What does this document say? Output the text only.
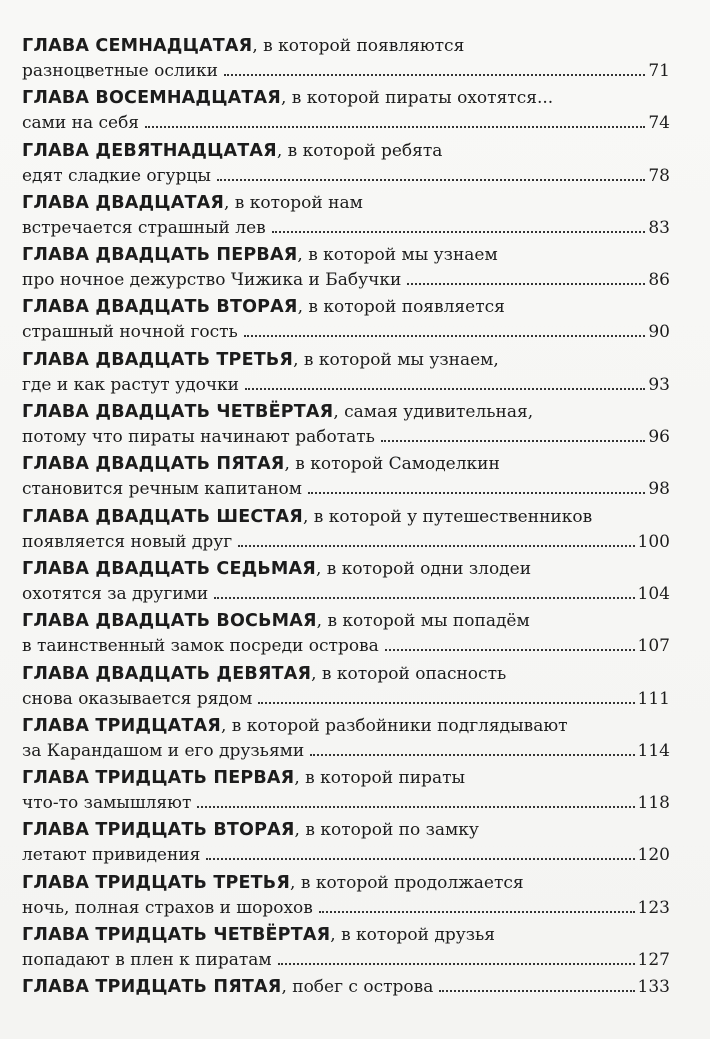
ГЛАВА СЕМНАДЦАТАЯ, в которой появляются
разноцветные ослики	71
ГЛАВА ВОСЕМНАДЦАТАЯ, в которой пираты охотятся...
сами на себя	74
ГЛАВА ДЕВЯТНАДЦАТАЯ, в которой ребята
едят сладкие огурцы	78
ГЛАВА ДВАДЦАТАЯ, в которой нам
встречается страшный лев	83
ГЛАВА ДВАДЦАТЬ ПЕРВАЯ, в которой мы узнаем
про ночное дежурство Чижика и Бабучки	86
ГЛАВА ДВАДЦАТЬ ВТОРАЯ, в которой появляется
страшный ночной гость	90
ГЛАВА ДВАДЦАТЬ ТРЕТЬЯ, в которой мы узнаем,
где и как растут удочки	93
ГЛАВА ДВАДЦАТЬ ЧЕТВЁРТАЯ, самая удивительная,
потому что пираты начинают работать	96
ГЛАВА ДВАДЦАТЬ ПЯТАЯ, в которой Самоделкин
становится речным капитаном	98
ГЛАВА ДВАДЦАТЬ ШЕСТАЯ, в которой у путешественников
появляется новый друг	100
ГЛАВА ДВАДЦАТЬ СЕДЬМАЯ, в которой одни злодеи
охотятся за другими	104
ГЛАВА ДВАДЦАТЬ ВОСЬМАЯ, в которой мы попадём
в таинственный замок посреди острова	107
ГЛАВА ДВАДЦАТЬ ДЕВЯТАЯ, в которой опасность
снова оказывается рядом	111
ГЛАВА ТРИДЦАТАЯ, в которой разбойники подглядывают
за Карандашом и его друзьями	114
ГЛАВА ТРИДЦАТЬ ПЕРВАЯ, в которой пираты
что-то замышляют	118
ГЛАВА ТРИДЦАТЬ ВТОРАЯ, в которой по замку
летают привидения	120
ГЛАВА ТРИДЦАТЬ ТРЕТЬЯ, в которой продолжается
ночь, полная страхов и шорохов	123
ГЛАВА ТРИДЦАТЬ ЧЕТВЁРТАЯ, в которой друзья
попадают в плен к пиратам	127
ГЛАВА ТРИДЦАТЬ ПЯТАЯ , побег с острова	133
